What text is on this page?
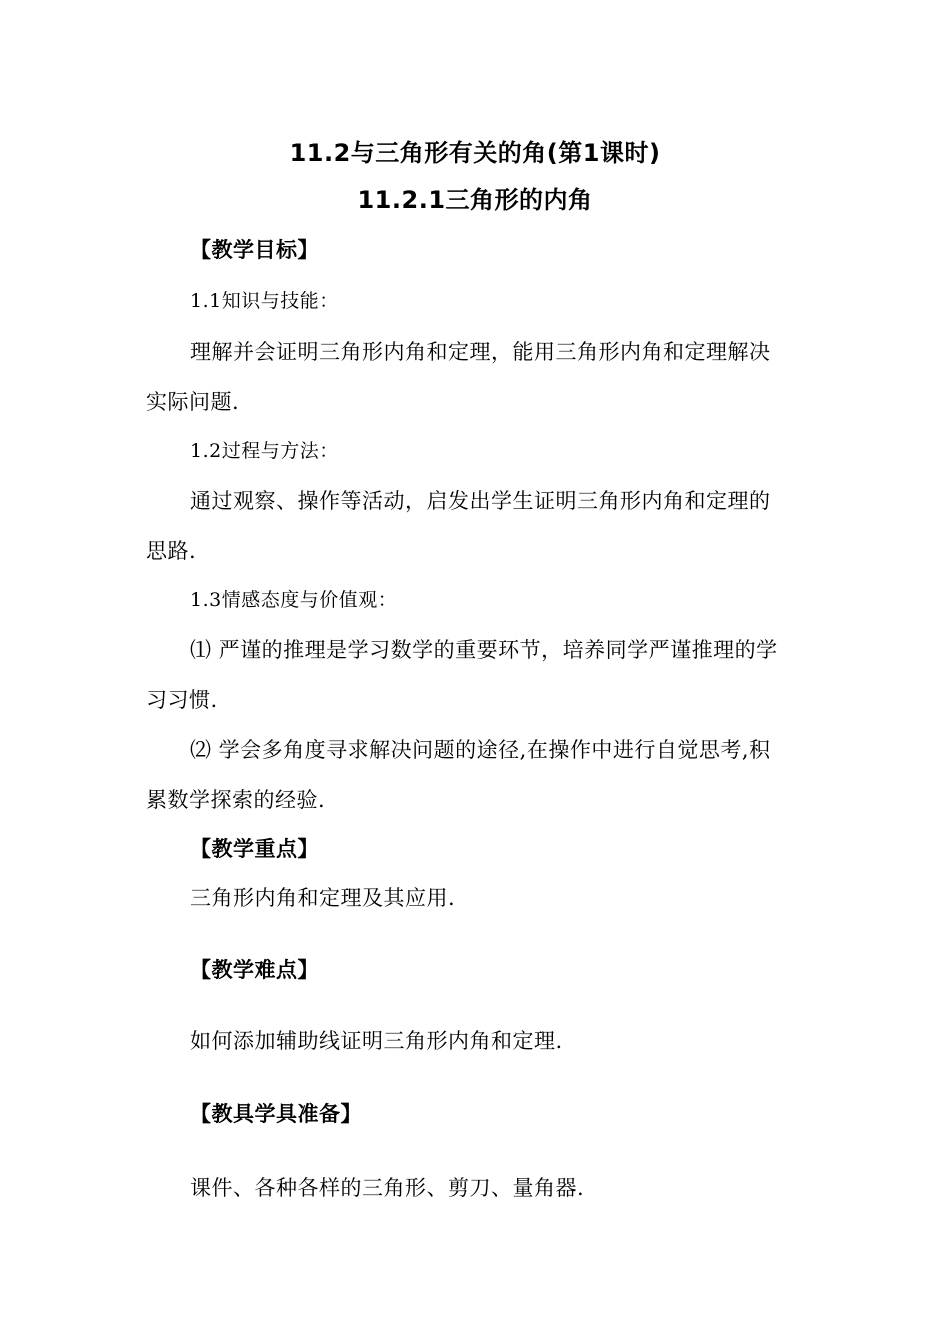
11.2与三角形有关的角(第1课时)
11.2.1三角形的内角
【教学目标】
1.1知识与技能：
理解并会证明三角形内角和定理，能用三角形内角和定理解决
实际问题.
1.2过程与方法：
通过观察、操作等活动，启发出学生证明三角形内角和定理的
思路.
1.3情感态度与价值观：
⑴ 严谨的推理是学习数学的重要环节，培养同学严谨推理的学
习习惯.
⑵ 学会多角度寻求解决问题的途径,在操作中进行自觉思考,积
累数学探索的经验.
【教学重点】
三角形内角和定理及其应用.
【教学难点】
如何添加辅助线证明三角形内角和定理.
【教具学具准备】
课件、各种各样的三角形、剪刀、量角器.
